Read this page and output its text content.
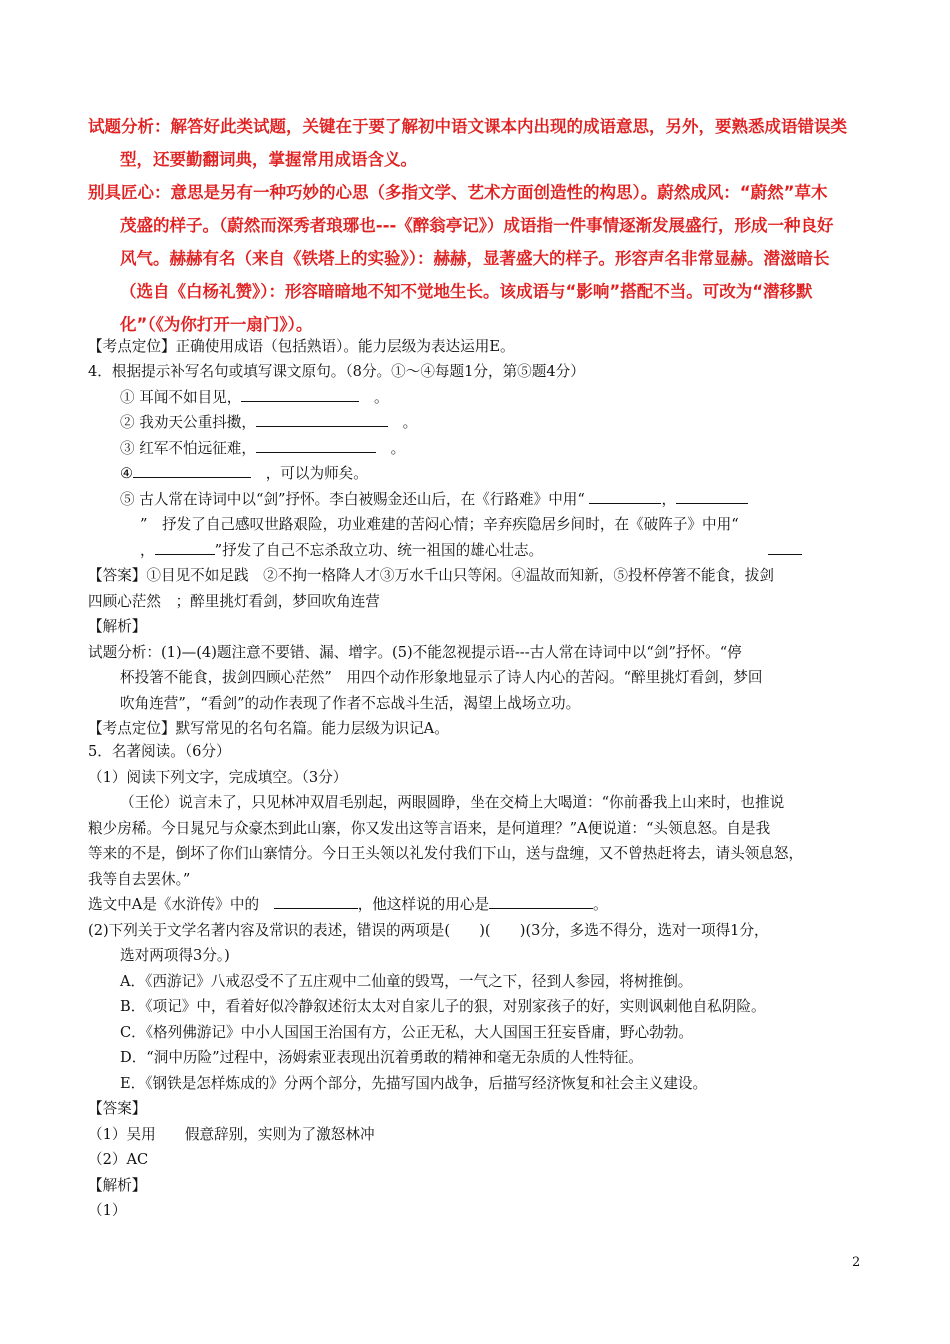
试题分析：解答好此类试题，关键在于要了解初中语文课本内出现的成语意思，另外，要熟悉成语错误类
型，还要勤翻词典，掌握常用成语含义。
别具匠心：意思是另有一种巧妙的心思（多指文学、艺术方面创造性的构思）。蔚然成风：“蔚然”草木
茂盛的样子。（蔚然而深秀者琅琊也---《醉翁亭记》）成语指一件事情逐渐发展盛行，形成一种良好
风气。赫赫有名（来自《铁塔上的实验》）：赫赫，显著盛大的样子。形容声名非常显赫。潜滋暗长
（选自《白杨礼赞》）：形容暗暗地不知不觉地生长。该成语与“影响”搭配不当。可改为“潜移默
化”（《为你打开一扇门》）。
【考点定位】正确使用成语（包括熟语）。能力层级为表达运用E。
4．根据提示补写名句或填写课文原句。（8分。①～④每题1分，第⑤题4分）
① 耳闻不如目见，　	。
② 我劝天公重抖擞，　	。
③ 红军不怕远征难，　	。
④　	，可以为师矣。
⑤ 古人常在诗词中以“剑”抒怀。李白被赐金还山后，在《行路难》中用“	，
”　抒发了自己感叹世路艰险，功业难建的苦闷心情；辛弃疾隐居乡间时，在《破阵子》中用“
，	”抒发了自己不忘杀敌立功、统一祖国的雄心壮志。
【答案】①目见不如足践　②不拘一格降人才③万水千山只等闲。④温故而知新，⑤投杯停箸不能食，拔剑
四顾心茫然　；醉里挑灯看剑，梦回吹角连营
【解析】
试题分析：(1)—(4)题注意不要错、漏、增字。(5)不能忽视提示语---古人常在诗词中以“剑”抒怀。“停
杯投箸不能食，拔剑四顾心茫然”　用四个动作形象地显示了诗人内心的苦闷。“醉里挑灯看剑，梦回
吹角连营”，“看剑”的动作表现了作者不忘战斗生活，渴望上战场立功。
【考点定位】默写常见的名句名篇。能力层级为识记A。
5．名著阅读。（6分）
（1）阅读下列文字，完成填空。（3分）
（王伦）说言未了，只见林冲双眉毛别起，两眼圆睁，坐在交椅上大喝道：“你前番我上山来时，也推说
粮少房稀。今日晁兄与众豪杰到此山寨，你又发出这等言语来，是何道理？”A便说道：“头领息怒。自是我
等来的不是，倒坏了你们山寨情分。今日王头领以礼发付我们下山，送与盘缠，又不曾热赶将去，请头领息怒，
我等自去罢休。”
选文中A是《水浒传》中的　	，他这样说的用心是	。
(2)下列关于文学名著内容及常识的表述，错误的两项是(　　)(　　)(3分，多选不得分，选对一项得1分，
选对两项得3分。)
A．《西游记》八戒忍受不了五庄观中二仙童的毁骂，一气之下，径到人参园，将树推倒。
B．《项记》中，看着好似冷静叙述衍太太对自家儿子的狠，对别家孩子的好，实则讽刺他自私阴险。
C．《格列佛游记》中小人国国王治国有方，公正无私，大人国国王狂妄昏庸，野心勃勃。
D．“洞中历险”过程中，汤姆索亚表现出沉着勇敢的精神和毫无杂质的人性特征。
E．《钢铁是怎样炼成的》分两个部分，先描写国内战争，后描写经济恢复和社会主义建设。
【答案】
（1）吴用　　假意辞别，实则为了激怒林冲
（2）AC
【解析】
（1）
2
